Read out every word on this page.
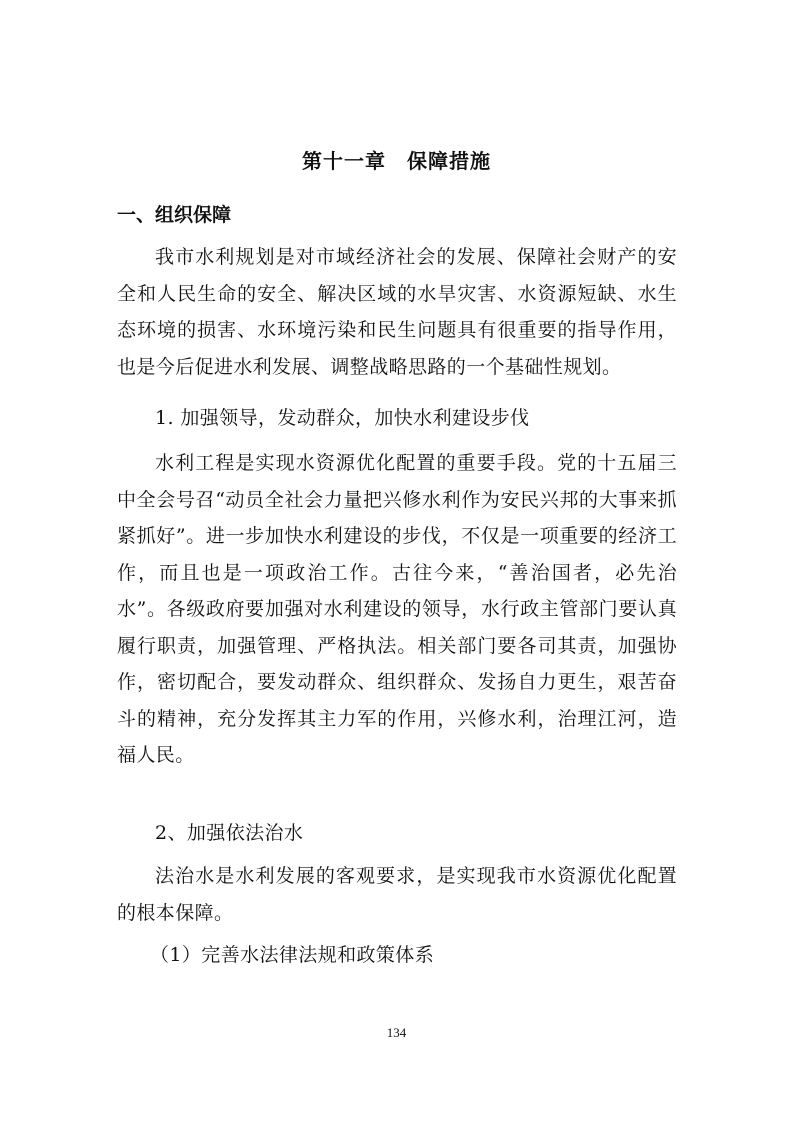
第十一章　保障措施
一、组织保障

我市水利规划是对市域经济社会的发展、保障社会财产的安全和人民生命的安全、解决区域的水旱灾害、水资源短缺、水生态环境的损害、水环境污染和民生问题具有很重要的指导作用，也是今后促进水利发展、调整战略思路的一个基础性规划。

1. 加强领导，发动群众，加快水利建设步伐

水利工程是实现水资源优化配置的重要手段。党的十五届三中全会号召“动员全社会力量把兴修水利作为安民兴邦的大事来抓紧抓好”。进一步加快水利建设的步伐，不仅是一项重要的经济工作，而且也是一项政治工作。古往今来，“善治国者，必先治水”。各级政府要加强对水利建设的领导，水行政主管部门要认真履行职责，加强管理、严格执法。相关部门要各司其责，加强协作，密切配合，要发动群众、组织群众、发扬自力更生，艰苦奋斗的精神，充分发挥其主力军的作用，兴修水利，治理江河，造福人民。

2、加强依法治水

法治水是水利发展的客观要求，是实现我市水资源优化配置的根本保障。

（1）完善水法律法规和政策体系

134
